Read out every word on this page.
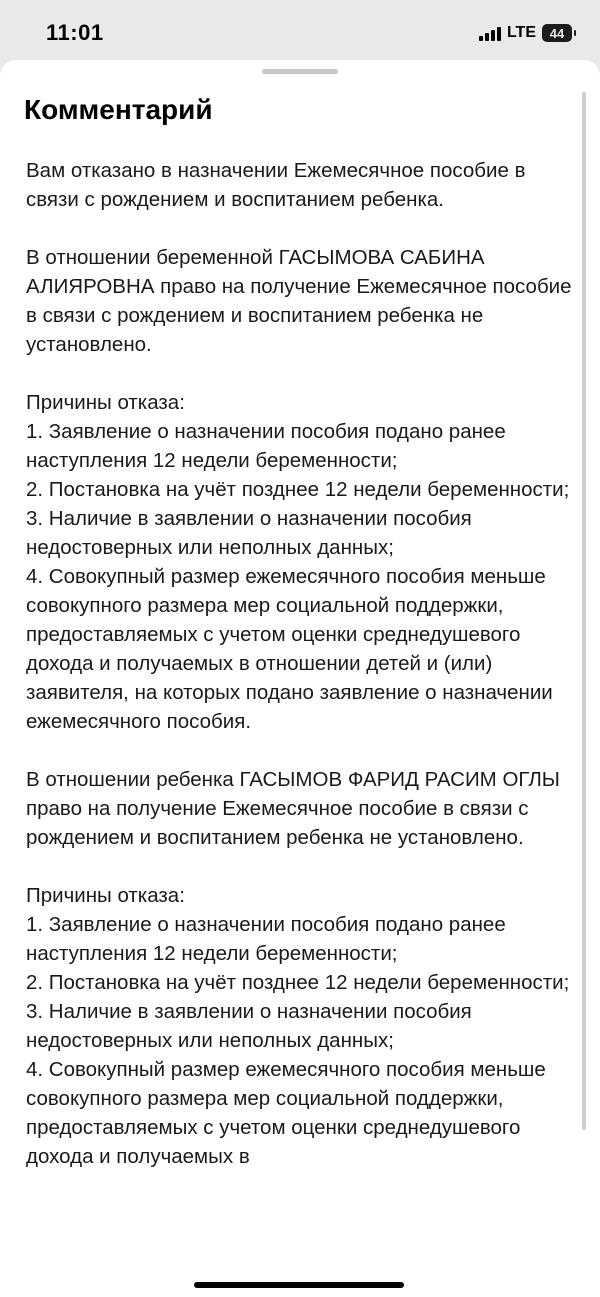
11:01	LTE 44
Комментарий

Вам отказано в назначении Ежемесячное пособие в связи с рождением и воспитанием ребенка.

В отношении беременной ГАСЫМОВА САБИНА АЛИЯРОВНА право на получение Ежемесячное пособие в связи с рождением и воспитанием ребенка не установлено.

Причины отказа:
1. Заявление о назначении пособия подано ранее наступления 12 недели беременности;
2. Постановка на учёт позднее 12 недели беременности;
3. Наличие в заявлении о назначении пособия недостоверных или неполных данных;
4. Совокупный размер ежемесячного пособия меньше совокупного размера мер социальной поддержки, предоставляемых с учетом оценки среднедушевого дохода и получаемых в отношении детей и (или) заявителя, на которых подано заявление о назначении ежемесячного пособия.

В отношении ребенка ГАСЫМОВ ФАРИД РАСИМ ОГЛЫ право на получение Ежемесячное пособие в связи с рождением и воспитанием ребенка не установлено.

Причины отказа:
1. Заявление о назначении пособия подано ранее наступления 12 недели беременности;
2. Постановка на учёт позднее 12 недели беременности;
3. Наличие в заявлении о назначении пособия недостоверных или неполных данных;
4. Совокупный размер ежемесячного пособия меньше совокупного размера мер социальной поддержки, предоставляемых с учетом оценки среднедушевого дохода и получаемых в
